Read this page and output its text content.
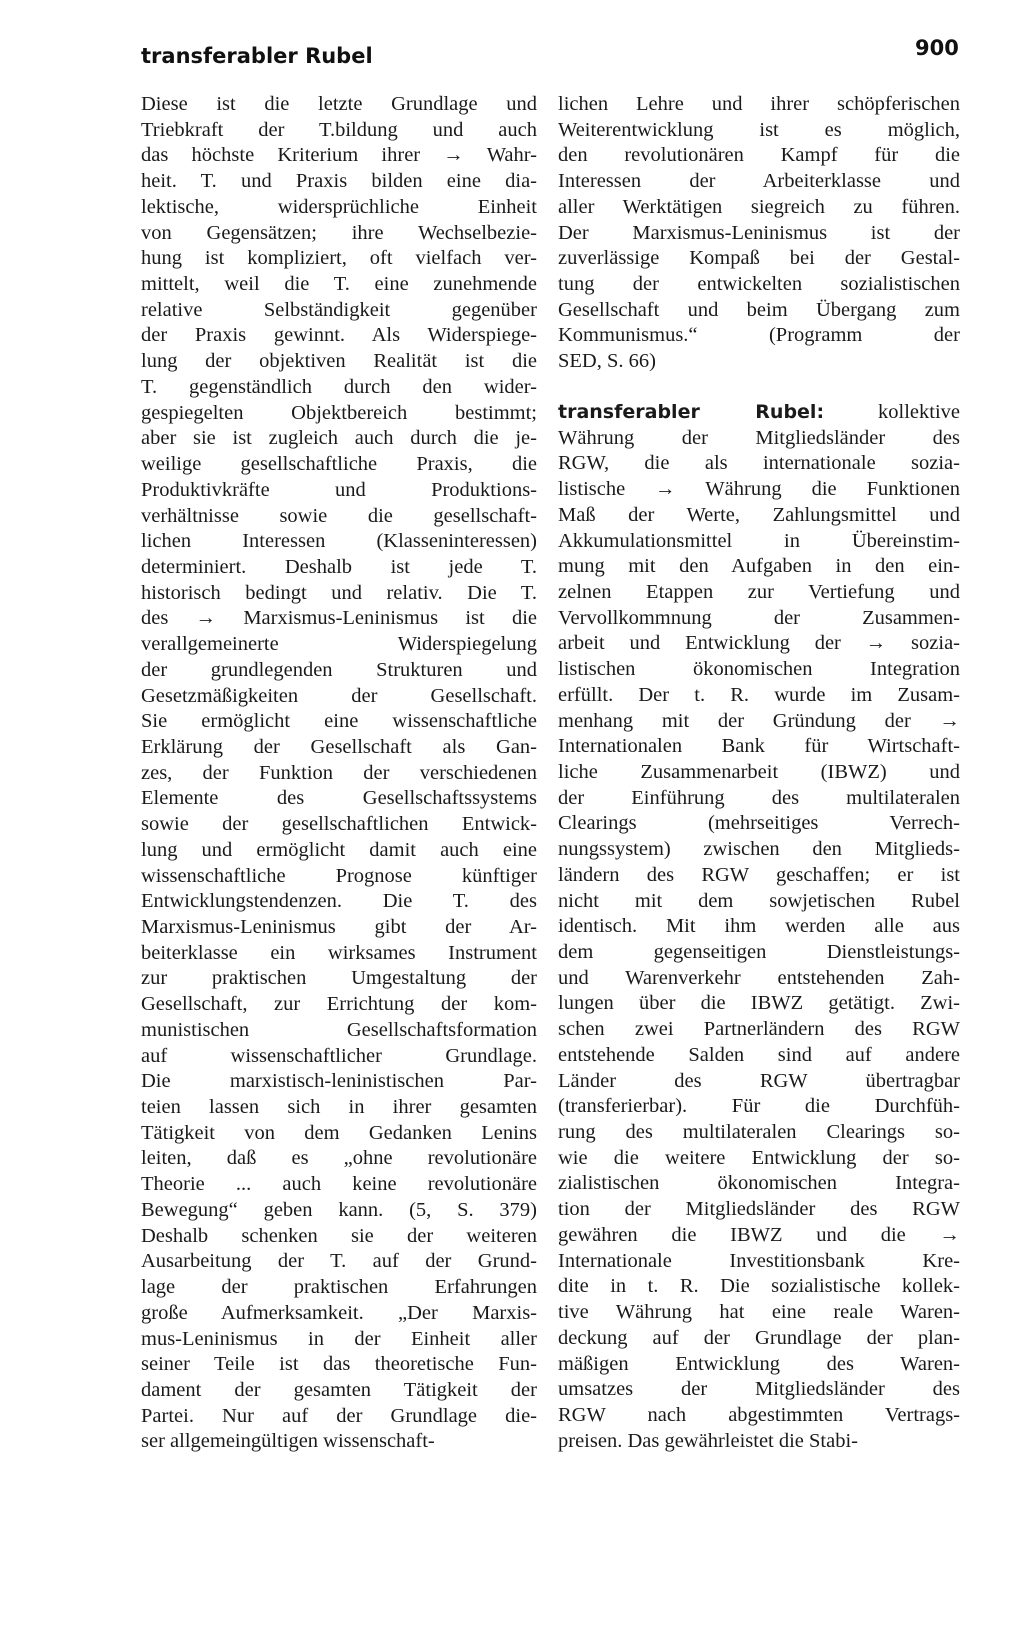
transferabler Rubel	900
Diese ist die letzte Grundlage und
Triebkraft der T.bildung und auch
das höchste Kriterium ihrer → Wahr-
heit. T. und Praxis bilden eine dia-
lektische, widersprüchliche Einheit
von Gegensätzen; ihre Wechselbezie-
hung ist kompliziert, oft vielfach ver-
mittelt, weil die T. eine zunehmende
relative Selbständigkeit gegenüber
der Praxis gewinnt. Als Widerspiege-
lung der objektiven Realität ist die
T. gegenständlich durch den wider-
gespiegelten Objektbereich bestimmt;
aber sie ist zugleich auch durch die je-
weilige gesellschaftliche Praxis, die
Produktivkräfte und Produktions-
verhältnisse sowie die gesellschaft-
lichen Interessen (Klasseninteressen)
determiniert. Deshalb ist jede T.
historisch bedingt und relativ. Die T.
des → Marxismus-Leninismus ist die
verallgemeinerte Widerspiegelung
der grundlegenden Strukturen und
Gesetzmäßigkeiten der Gesellschaft.
Sie ermöglicht eine wissenschaftliche
Erklärung der Gesellschaft als Gan-
zes, der Funktion der verschiedenen
Elemente des Gesellschaftssystems
sowie der gesellschaftlichen Entwick-
lung und ermöglicht damit auch eine
wissenschaftliche Prognose künftiger
Entwicklungstendenzen. Die T. des
Marxismus-Leninismus gibt der Ar-
beiterklasse ein wirksames Instrument
zur praktischen Umgestaltung der
Gesellschaft, zur Errichtung der kom-
munistischen Gesellschaftsformation
auf wissenschaftlicher Grundlage.
Die marxistisch-leninistischen Par-
teien lassen sich in ihrer gesamten
Tätigkeit von dem Gedanken Lenins
leiten, daß es „ohne revolutionäre
Theorie ... auch keine revolutionäre
Bewegung“ geben kann. (5, S. 379)
Deshalb schenken sie der weiteren
Ausarbeitung der T. auf der Grund-
lage der praktischen Erfahrungen
große Aufmerksamkeit. „Der Marxis-
mus-Leninismus in der Einheit aller
seiner Teile ist das theoretische Fun-
dament der gesamten Tätigkeit der
Partei. Nur auf der Grundlage die-
ser allgemeingültigen wissenschaft-
lichen Lehre und ihrer schöpferischen
Weiterentwicklung ist es möglich,
den revolutionären Kampf für die
Interessen der Arbeiterklasse und
aller Werktätigen siegreich zu führen.
Der Marxismus-Leninismus ist der
zuverlässige Kompaß bei der Gestal-
tung der entwickelten sozialistischen
Gesellschaft und beim Übergang zum
Kommunismus.“ (Programm der
SED, S. 66)
transferabler Rubel:	kollektive
Währung der Mitgliedsländer des
RGW, die als internationale sozia-
listische → Währung die Funktionen
Maß der Werte, Zahlungsmittel und
Akkumulationsmittel in Übereinstim-
mung mit den Aufgaben in den ein-
zelnen Etappen zur Vertiefung und
Vervollkommnung der Zusammen-
arbeit und Entwicklung der → sozia-
listischen ökonomischen Integration
erfüllt. Der t. R. wurde im Zusam-
menhang mit der Gründung der →
Internationalen Bank für Wirtschaft-
liche Zusammenarbeit (IBWZ) und
der Einführung des multilateralen
Clearings (mehrseitiges Verrech-
nungssystem) zwischen den Mitglieds-
ländern des RGW geschaffen; er ist
nicht mit dem sowjetischen Rubel
identisch. Mit ihm werden alle aus
dem gegenseitigen Dienstleistungs-
und Warenverkehr entstehenden Zah-
lungen über die IBWZ getätigt. Zwi-
schen zwei Partnerländern des RGW
entstehende Salden sind auf andere
Länder des RGW übertragbar
(transferierbar). Für die Durchfüh-
rung des multilateralen Clearings so-
wie die weitere Entwicklung der so-
zialistischen ökonomischen Integra-
tion der Mitgliedsländer des RGW
gewähren die IBWZ und die →
Internationale Investitionsbank Kre-
dite in t. R. Die sozialistische kollek-
tive Währung hat eine reale Waren-
deckung auf der Grundlage der plan-
mäßigen Entwicklung des Waren-
umsatzes der Mitgliedsländer des
RGW nach abgestimmten Vertrags-
preisen. Das gewährleistet die Stabi-
